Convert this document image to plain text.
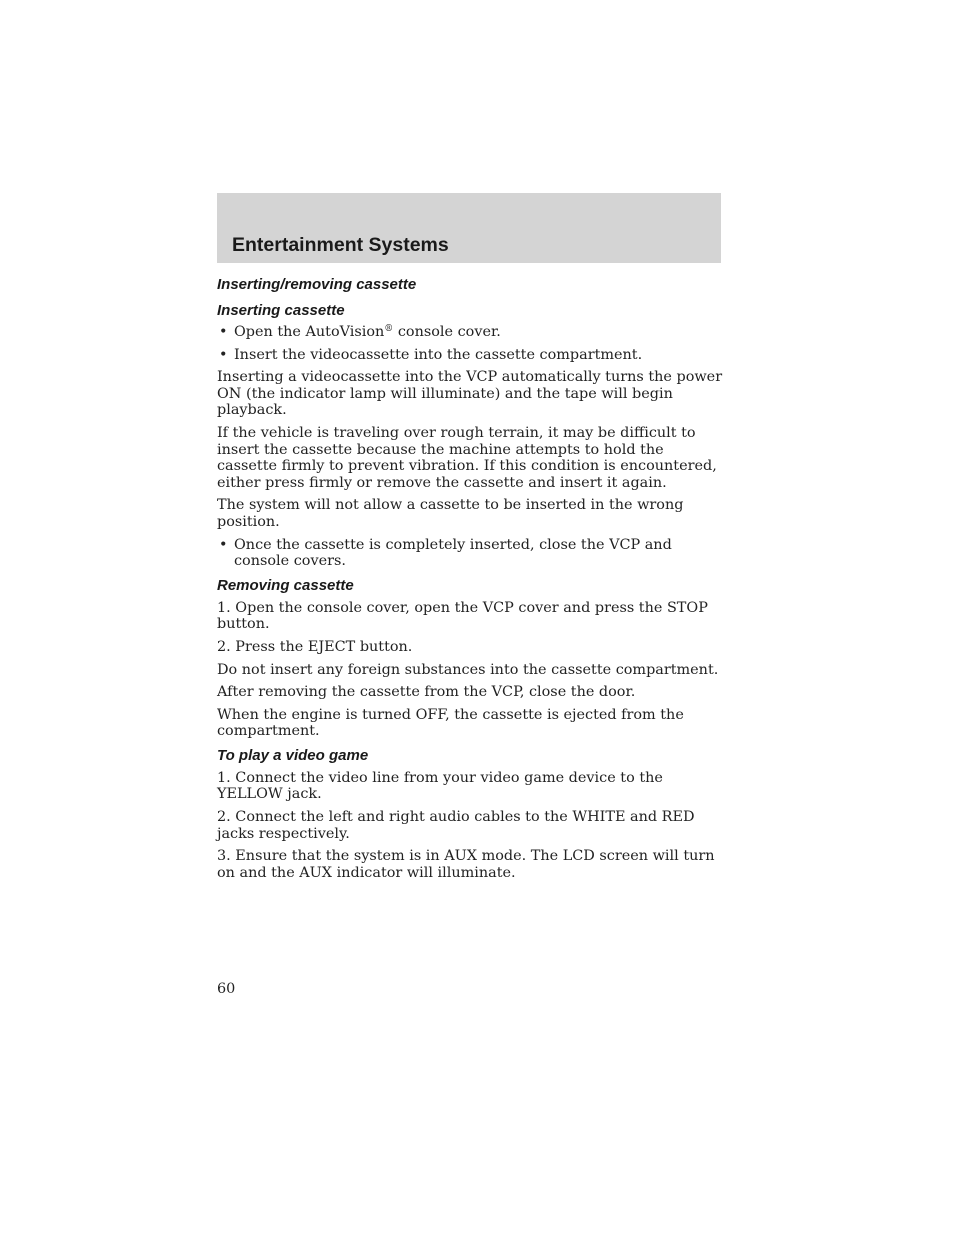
Entertainment Systems
Inserting/removing cassette
Inserting cassette

• Open the AutoVision® console cover.

• Insert the videocassette into the cassette compartment.

Inserting a videocassette into the VCP automatically turns the power ON (the indicator lamp will illuminate) and the tape will begin playback.

If the vehicle is traveling over rough terrain, it may be difficult to insert the cassette because the machine attempts to hold the cassette firmly to prevent vibration. If this condition is encountered, either press firmly or remove the cassette and insert it again.

The system will not allow a cassette to be inserted in the wrong position.

• Once the cassette is completely inserted, close the VCP and console covers.

Removing cassette

1. Open the console cover, open the VCP cover and press the STOP button.

2. Press the EJECT button.

Do not insert any foreign substances into the cassette compartment.

After removing the cassette from the VCP, close the door.

When the engine is turned OFF, the cassette is ejected from the compartment.

To play a video game

1. Connect the video line from your video game device to the YELLOW jack.

2. Connect the left and right audio cables to the WHITE and RED jacks respectively.

3. Ensure that the system is in AUX mode. The LCD screen will turn on and the AUX indicator will illuminate.

60
